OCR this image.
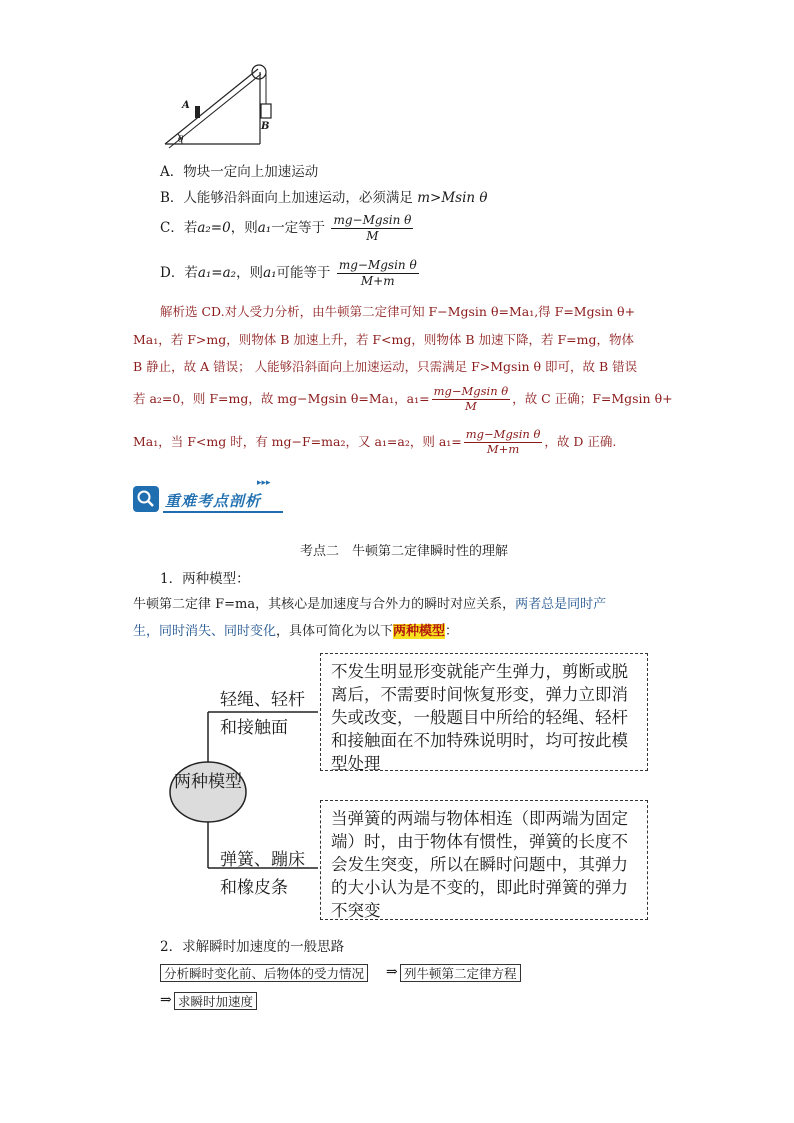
A
B
θ
A．物块一定向上加速运动
B．人能够沿斜面向上加速运动，必须满足 m>Msin θ
C．若a₂=0，则a₁一定等于 $\frac{\text{mg−Mgsin θ}}{M}$
D．若a₁=a₂，则a₁可能等于 $\frac{\text{mg−Mgsin θ}}{M+m}$
解析选 CD.对人受力分析，由牛顿第二定律可知 F−Mgsin θ=Ma₁,得 F=Mgsin θ+
Ma₁，若 F>mg，则物体 B 加速上升，若 F<mg，则物体 B 加速下降，若 F=mg，物体
B 静止，故 A 错误； 人能够沿斜面向上加速运动，只需满足 F>Mgsin θ 即可，故 B 错误
若 a₂=0，则 F=mg，故 mg−Mgsin θ=Ma₁，$a_1= \frac{\text{mg−Mgsin θ}}{M}$ ，故 C 正确；F=Mgsin θ+
Ma₁，当 F<mg 时，有 mg−F=ma₂，又 a₁=a₂，则 $a_1= \frac{\text{mg−Mgsin θ}}{M+m}$ ，故 D 正确.
重难考点剖析
▸▸▸
考点二　牛顿第二定律瞬时性的理解
1．两种模型：
牛顿第二定律 F=ma，其核心是加速度与合外力的瞬时对应关系，两者总是同时产
生，同时消失、同时变化，具体可简化为以下两种模型：
两种模型
轻绳、轻杆
和接触面
弹簧、蹦床
和橡皮条
不发生明显形变就能产生弹力，剪断或脱离后，不需要时间恢复形变，弹力立即消失或改变，一般题目中所给的轻绳、轻杆和接触面在不加特殊说明时，均可按此模型处理
当弹簧的两端与物体相连（即两端为固定端）时，由于物体有惯性，弹簧的长度不会发生突变，所以在瞬时问题中，其弹力的大小认为是不变的，即此时弹簧的弹力不突变
2．求解瞬时加速度的一般思路
分析瞬时变化前、后物体的受力情况 ⇒ 列牛顿第二定律方程
⇒ 求瞬时加速度
